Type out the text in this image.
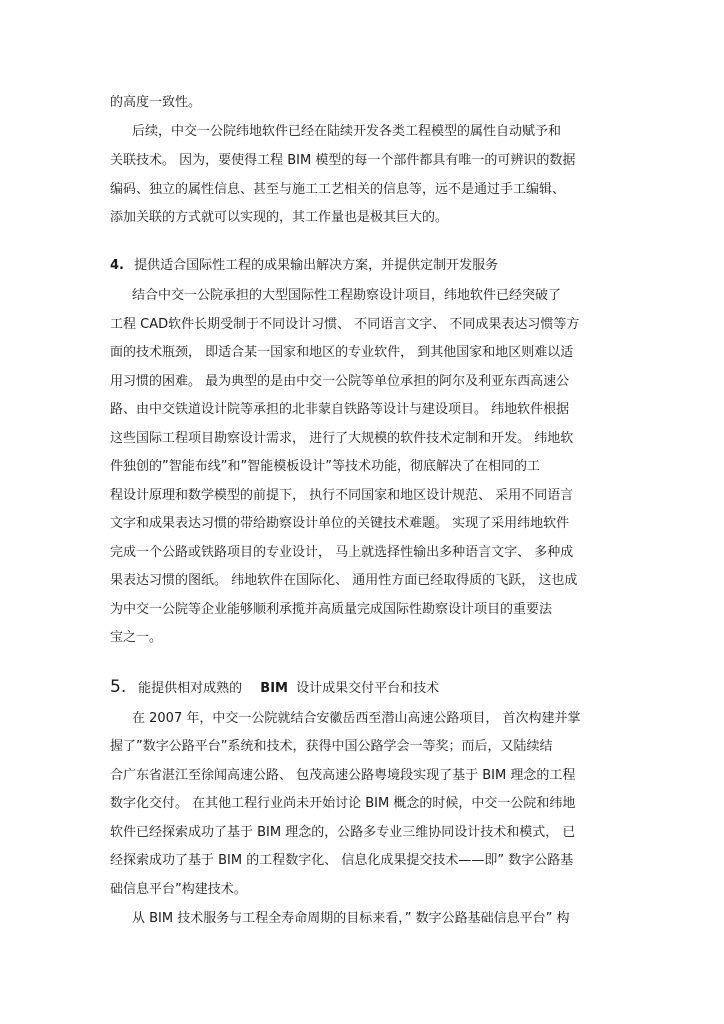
的高度一致性。
后续，中交一公院纬地软件已经在陆续开发各类工程模型的属性自动赋予和
关联技术。 因为，要使得工程 BIM 模型的每一个部件都具有唯一的可辨识的数据
编码、独立的属性信息、甚至与施工工艺相关的信息等，远不是通过手工编辑、
添加关联的方式就可以实现的，其工作量也是极其巨大的。
4. 提供适合国际性工程的成果输出解决方案，并提供定制开发服务
结合中交一公院承担的大型国际性工程勘察设计项目，纬地软件已经突破了
工程 CAD软件长期受制于不同设计习惯、 不同语言文字、 不同成果表达习惯等方
面的技术瓶颈， 即适合某一国家和地区的专业软件， 到其他国家和地区则难以适
用习惯的困难。 最为典型的是由中交一公院等单位承担的阿尔及利亚东西高速公
路、由中交铁道设计院等承担的北非蒙自铁路等设计与建设项目。 纬地软件根据
这些国际工程项目勘察设计需求， 进行了大规模的软件技术定制和开发。 纬地软
件独创的”智能布线”和”智能模板设计”等技术功能，彻底解决了在相同的工
程设计原理和数学模型的前提下， 执行不同国家和地区设计规范、 采用不同语言
文字和成果表达习惯的带给勘察设计单位的关键技术难题。 实现了采用纬地软件
完成一个公路或铁路项目的专业设计， 马上就选择性输出多种语言文字、 多种成
果表达习惯的图纸。 纬地软件在国际化、 通用性方面已经取得质的飞跃， 这也成
为中交一公院等企业能够顺利承揽并高质量完成国际性勘察设计项目的重要法
宝之一。
5. 能提供相对成熟的 BIM 设计成果交付平台和技术
在 2007 年，中交一公院就结合安徽岳西至潜山高速公路项目， 首次构建并掌
握了”数字公路平台”系统和技术，获得中国公路学会一等奖；而后，又陆续结
合广东省湛江至徐闻高速公路、 包茂高速公路粤境段实现了基于 BIM 理念的工程
数字化交付。 在其他工程行业尚未开始讨论 BIM 概念的时候，中交一公院和纬地
软件已经探索成功了基于 BIM 理念的，公路多专业三维协同设计技术和模式， 已
经探索成功了基于 BIM 的工程数字化、 信息化成果提交技术——即” 数字公路基
础信息平台”构建技术。
从 BIM 技术服务与工程全寿命周期的目标来看，” 数字公路基础信息平台” 构
